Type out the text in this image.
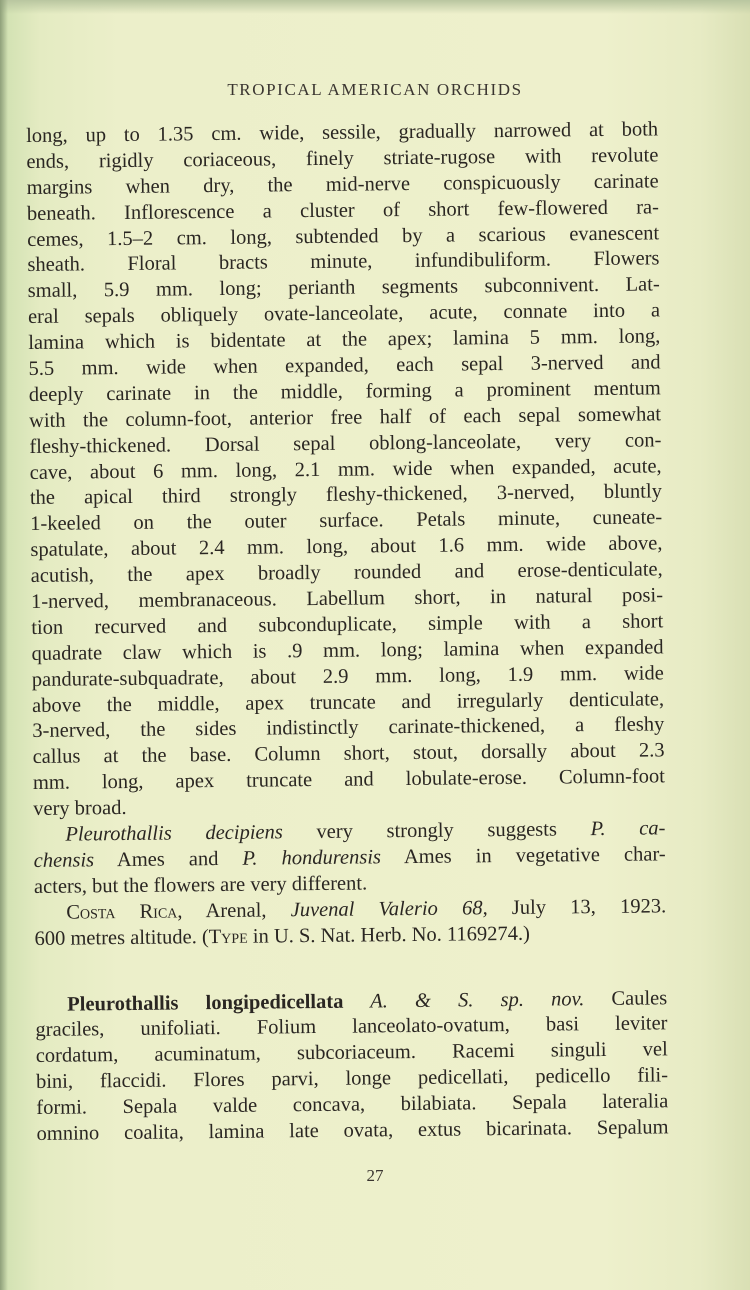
TROPICAL AMERICAN ORCHIDS
long, up to 1.35 cm. wide, sessile, gradually narrowed at both
ends, rigidly coriaceous, finely striate-rugose with revolute
margins when dry, the mid-nerve conspicuously carinate
beneath. Inflorescence a cluster of short few-flowered ra-
cemes, 1.5–2 cm. long, subtended by a scarious evanescent
sheath. Floral bracts minute, infundibuliform. Flowers
small, 5.9 mm. long; perianth segments subconnivent. Lat-
eral sepals obliquely ovate-lanceolate, acute, connate into a
lamina which is bidentate at the apex; lamina 5 mm. long,
5.5 mm. wide when expanded, each sepal 3-nerved and
deeply carinate in the middle, forming a prominent mentum
with the column-foot, anterior free half of each sepal somewhat
fleshy-thickened. Dorsal sepal oblong-lanceolate, very con-
cave, about 6 mm. long, 2.1 mm. wide when expanded, acute,
the apical third strongly fleshy-thickened, 3-nerved, bluntly
1-keeled on the outer surface. Petals minute, cuneate-
spatulate, about 2.4 mm. long, about 1.6 mm. wide above,
acutish, the apex broadly rounded and erose-denticulate,
1-nerved, membranaceous. Labellum short, in natural posi-
tion recurved and subconduplicate, simple with a short
quadrate claw which is .9 mm. long; lamina when expanded
pandurate-subquadrate, about 2.9 mm. long, 1.9 mm. wide
above the middle, apex truncate and irregularly denticulate,
3-nerved, the sides indistinctly carinate-thickened, a fleshy
callus at the base. Column short, stout, dorsally about 2.3
mm. long, apex truncate and lobulate-erose. Column-foot
very broad.
Pleurothallis decipiens very strongly suggests P. ca-
chensis Ames and P. hondurensis Ames in vegetative char-
acters, but the flowers are very different.
Costa Rica, Arenal, Juvenal Valerio 68, July 13, 1923.
600 metres altitude. (Type in U. S. Nat. Herb. No. 1169274.)
Pleurothallis longipedicellata A. & S. sp. nov. Caules
graciles, unifoliati. Folium lanceolato-ovatum, basi leviter
cordatum, acuminatum, subcoriaceum. Racemi singuli vel
bini, flaccidi. Flores parvi, longe pedicellati, pedicello fili-
formi. Sepala valde concava, bilabiata. Sepala lateralia
omnino coalita, lamina late ovata, extus bicarinata. Sepalum
27
